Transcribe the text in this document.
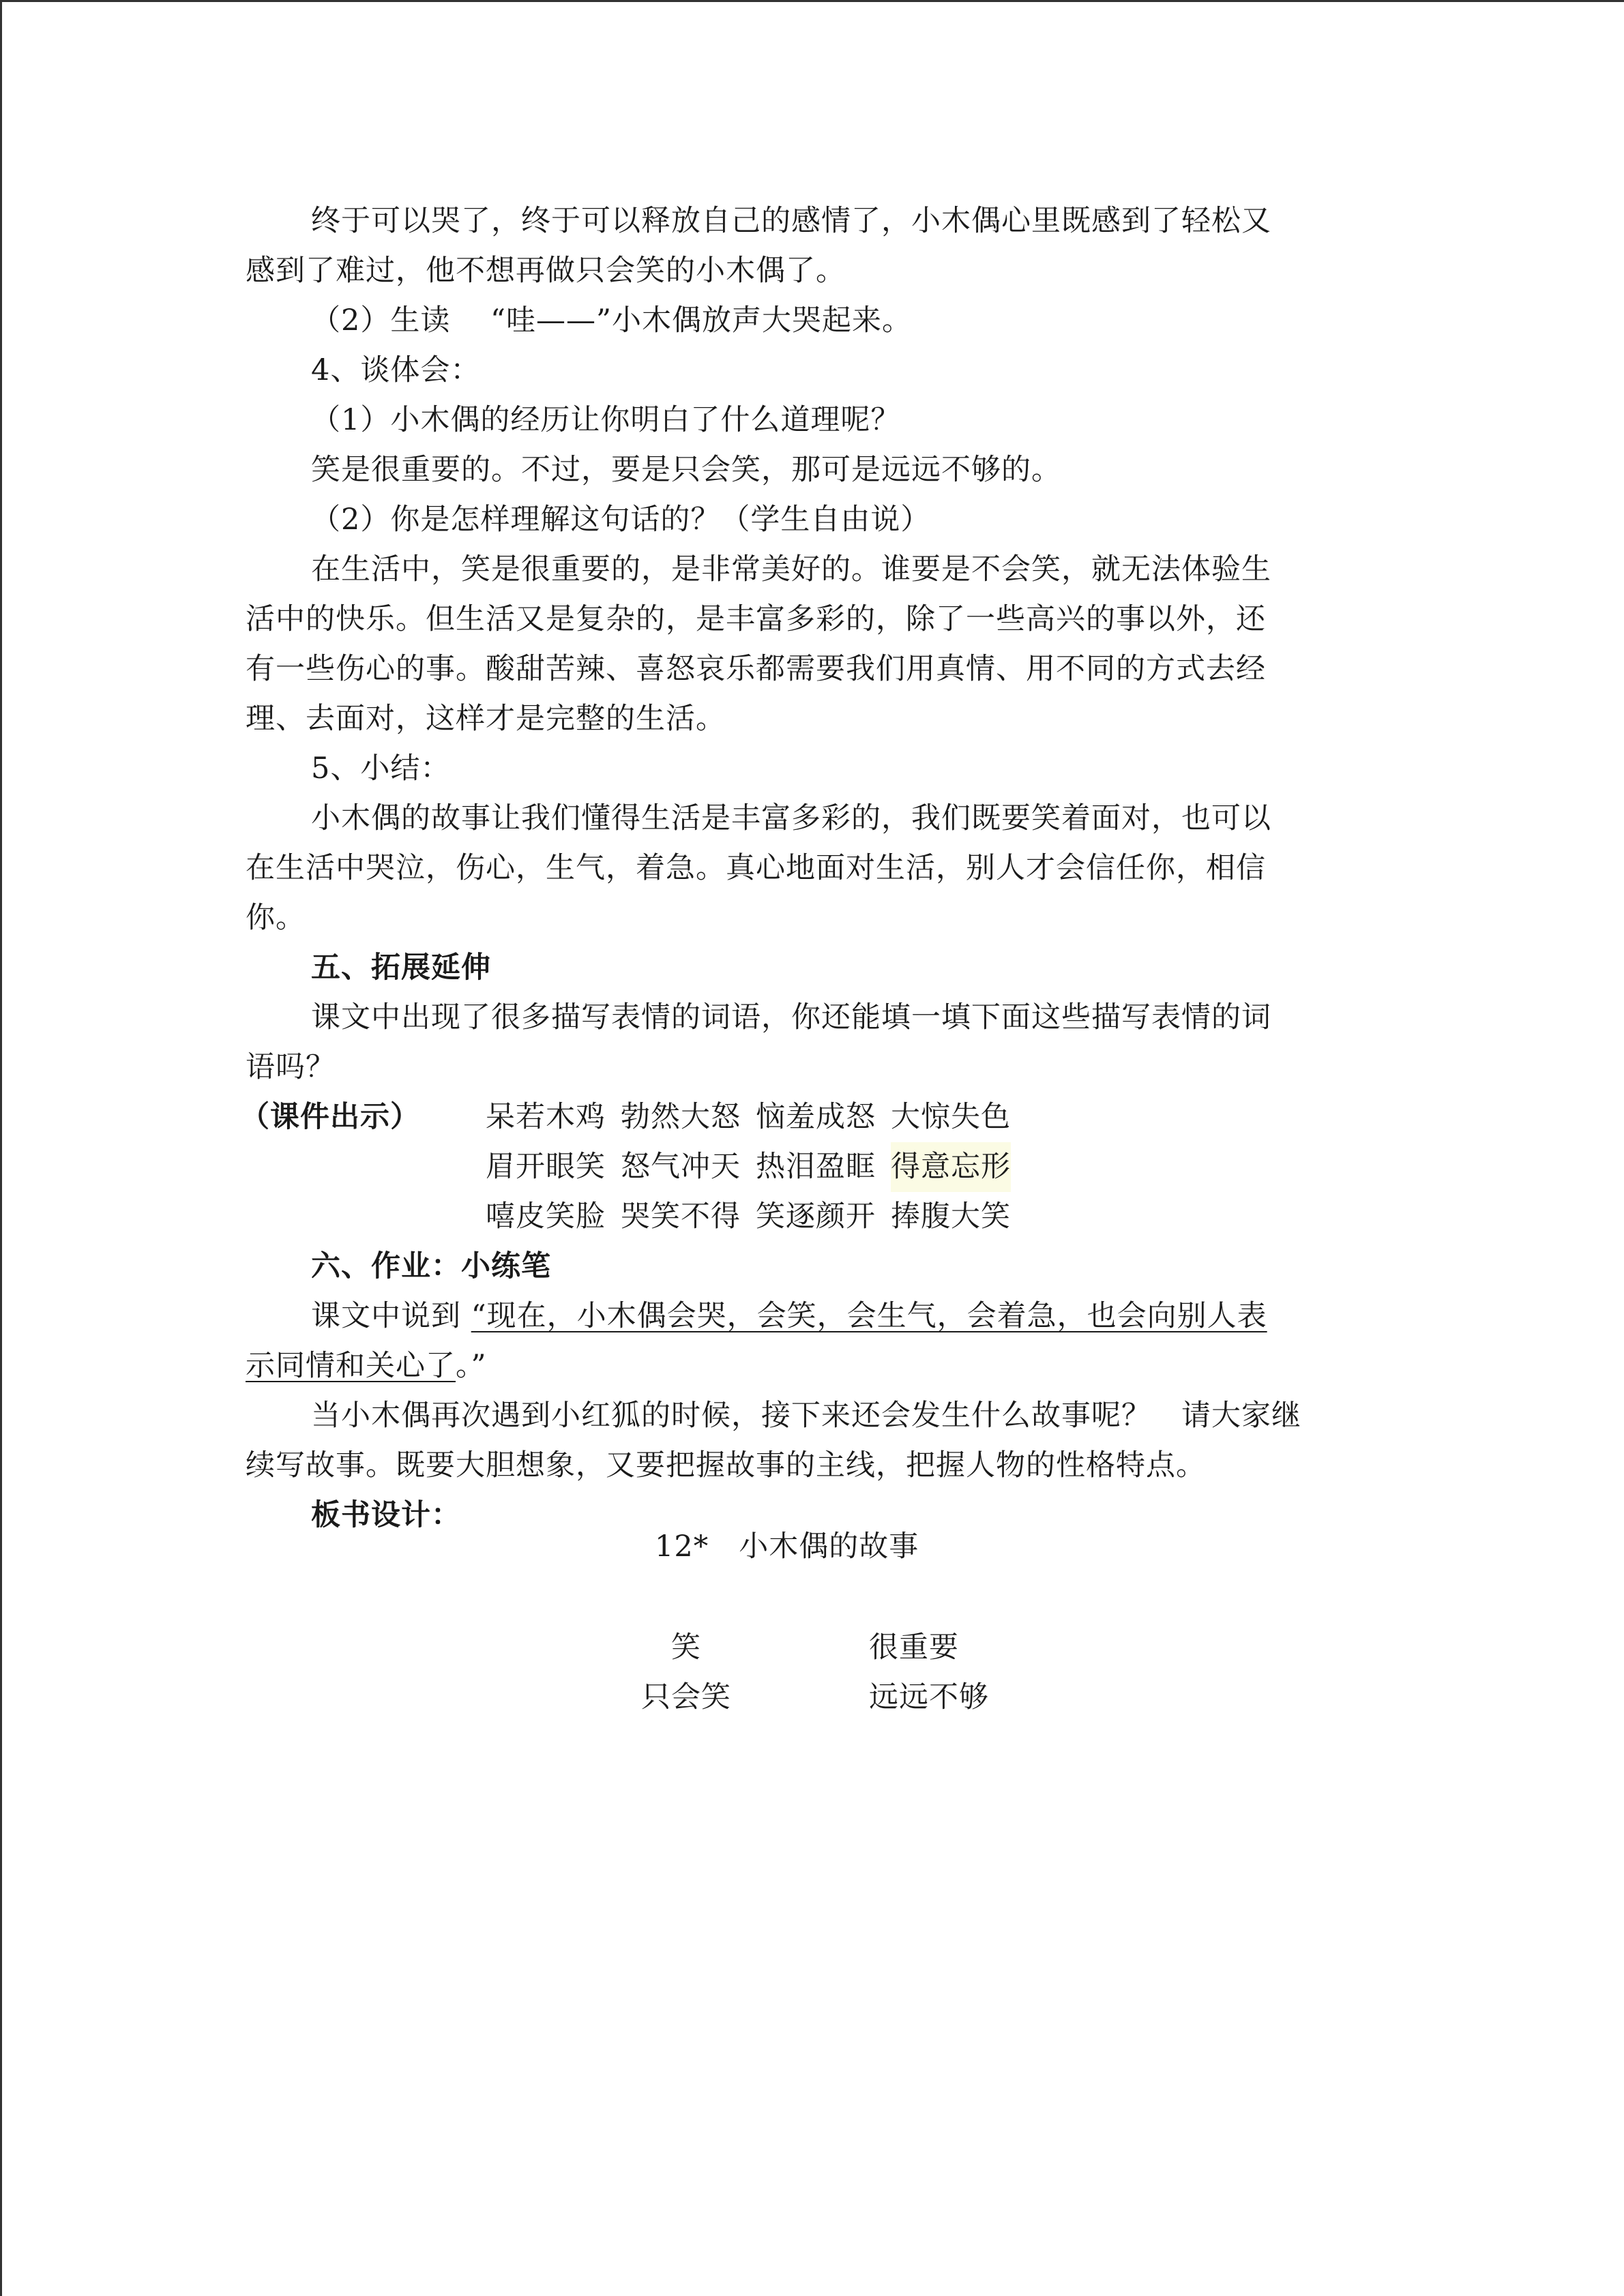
终于可以哭了，终于可以释放自己的感情了，小木偶心里既感到了轻松又

感到了难过，他不想再做只会笑的小木偶了。

（2）生读　 “哇——”小木偶放声大哭起来。

4、谈体会：

（1）小木偶的经历让你明白了什么道理呢？

笑是很重要的。不过，要是只会笑，那可是远远不够的。

（2）你是怎样理解这句话的？（学生自由说）

在生活中，笑是很重要的，是非常美好的。谁要是不会笑，就无法体验生

活中的快乐。但生活又是复杂的，是丰富多彩的，除了一些高兴的事以外，还

有一些伤心的事。酸甜苦辣、喜怒哀乐都需要我们用真情、用不同的方式去经

理、去面对，这样才是完整的生活。

5、小结：

小木偶的故事让我们懂得生活是丰富多彩的，我们既要笑着面对，也可以

在生活中哭泣，伤心，生气，着急。真心地面对生活，别人才会信任你，相信

你。

五、拓展延伸

课文中出现了很多描写表情的词语，你还能填一填下面这些描写表情的词

语吗？

（课件出示）	呆若木鸡 勃然大怒 恼羞成怒 大惊失色
眉开眼笑 怒气冲天 热泪盈眶 得意忘形
嘻皮笑脸 哭笑不得 笑逐颜开 捧腹大笑

六、作业：小练笔

课文中说到 “现在，小木偶会哭，会笑，会生气，会着急，也会向别人表

示同情和关心了。”

当小木偶再次遇到小红狐的时候，接下来还会发生什么故事呢？　请大家继

续写故事。既要大胆想象，又要把握故事的主线，把握人物的性格特点。

板书设计：

12*　小木偶的故事
笑	很重要
只会笑	远远不够
